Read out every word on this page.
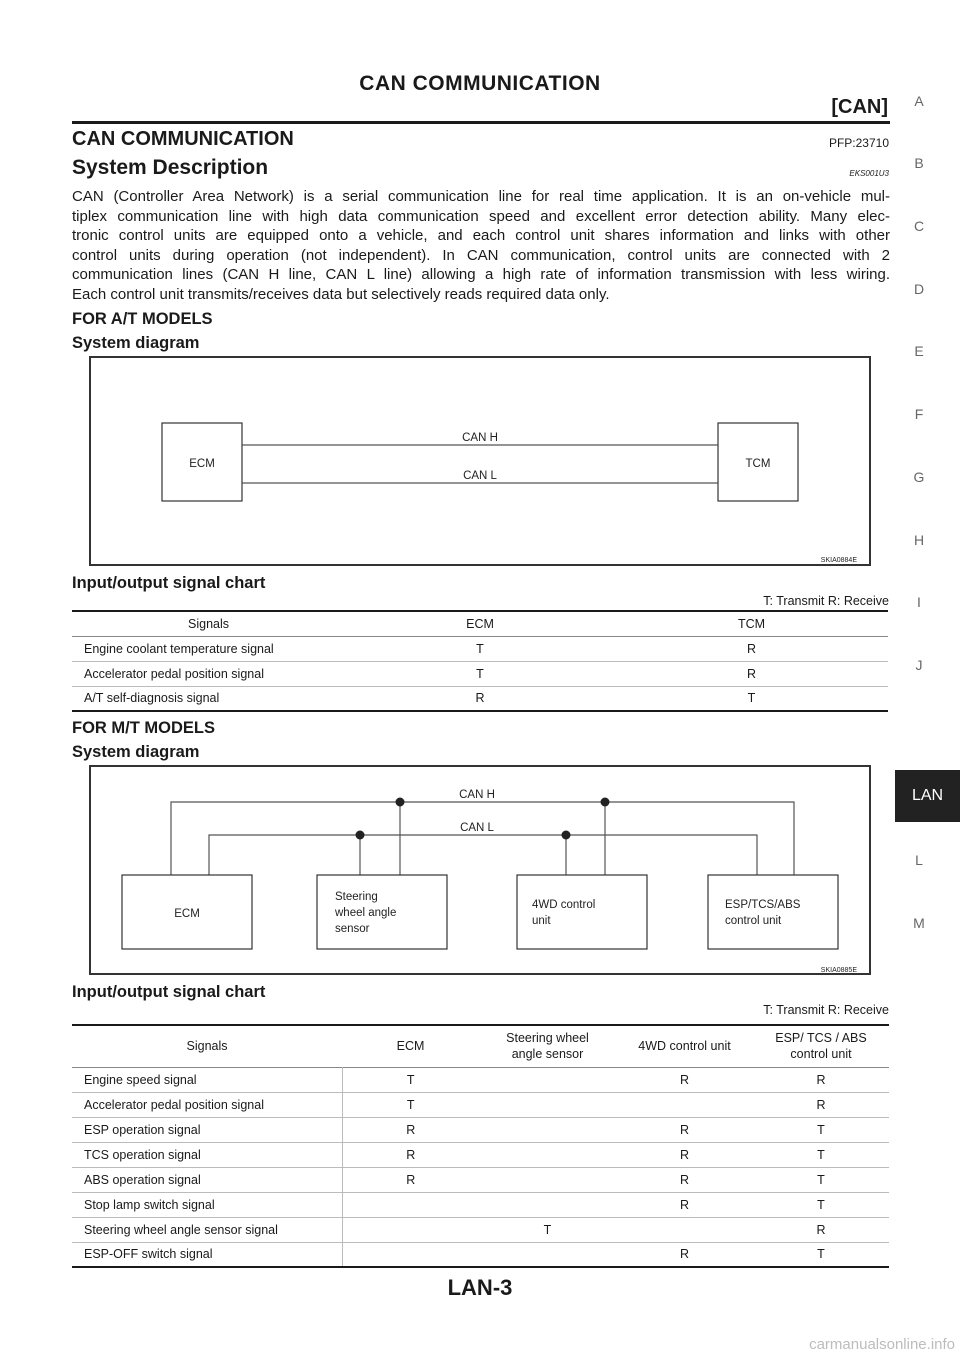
CAN COMMUNICATION
[CAN]
CAN COMMUNICATION	PFP:23710
System Description	EKS001U3
CAN (Controller Area Network) is a serial communication line for real time application. It is an on-vehicle mul-
tiplex communication line with high data communication speed and excellent error detection ability. Many elec-
tronic control units are equipped onto a vehicle, and each control unit shares information and links with other
control units during operation (not independent). In CAN communication, control units are connected with 2
communication lines (CAN H line, CAN L line) allowing a high rate of information transmission with less wiring.
Each control unit transmits/receives data but selectively reads required data only.
FOR A/T MODELS
System diagram
ECM	TCM
CAN H
CAN L
SKIA0884E
Input/output signal chart
T: Transmit R: Receive
Signals	ECM	TCM
Engine coolant temperature signal	T	R
Accelerator pedal position signal	T	R
A/T self-diagnosis signal	R	T
FOR M/T MODELS
System diagram
CAN H
CAN L
ECM
Steering
wheel angle
sensor
4WD control
unit
ESP/TCS/ABS
control unit
SKIA0885E
Input/output signal chart
T: Transmit R: Receive
Signals	ECM	Steering wheel
angle sensor	4WD control unit	ESP/ TCS / ABS
control unit
Engine speed signal	T		R	R
Accelerator pedal position signal	T			R
ESP operation signal	R		R	T
TCS operation signal	R		R	T
ABS operation signal	R		R	T
Stop lamp switch signal			R	T
Steering wheel angle sensor signal		T		R
ESP-OFF switch signal			R	T
A
B
C
D
E
F
G
H
I
J
LAN
L
M
LAN-3
carmanualsonline.info
